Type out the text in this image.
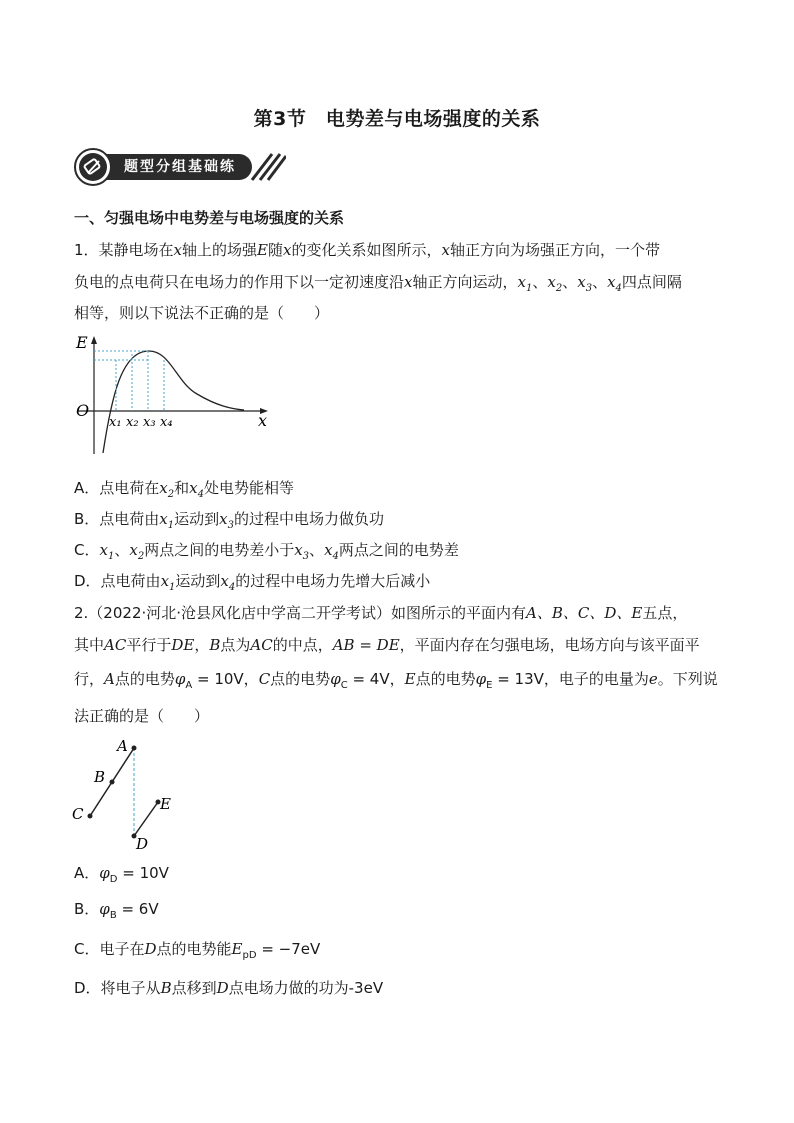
第3节　电势差与电场强度的关系
题型分组基础练
一、匀强电场中电势差与电场强度的关系
1．某静电场在x轴上的场强E随x的变化关系如图所示，x轴正方向为场强正方向，一个带
负电的点电荷只在电场力的作用下以一定初速度沿x轴正方向运动，$x_1$、$x_2$、$x_3$、$x_4$四点间隔
相等，则以下说法不正确的是（　　）
E
x
O
x₁ x₂ x₃ x₄
A．点电荷在$x_2$和$x_4$处电势能相等
B．点电荷由$x_1$运动到$x_3$的过程中电场力做负功
C．$x_1$、$x_2$两点之间的电势差小于$x_3$、$x_4$两点之间的电势差
D．点电荷由$x_1$运动到$x_4$的过程中电场力先增大后减小
2.（2022·河北·沧县风化店中学高二开学考试）如图所示的平面内有A、B、C、D、E五点，
其中AC平行于DE，B点为AC的中点，AB = DE，平面内存在匀强电场，电场方向与该平面平
行，A点的电势$\varphi_A = 10V$，C点的电势$\varphi_C = 4V$，E点的电势$\varphi_E = 13V$，电子的电量为e。下列说
法正确的是（　　）
A
B
C
D
E
A．$\varphi_D = 10V$
B．$\varphi_B = 6V$
C．电子在D点的电势能$E_{pD} = -7eV$
D．将电子从B点移到D点电场力做的功为-3eV
